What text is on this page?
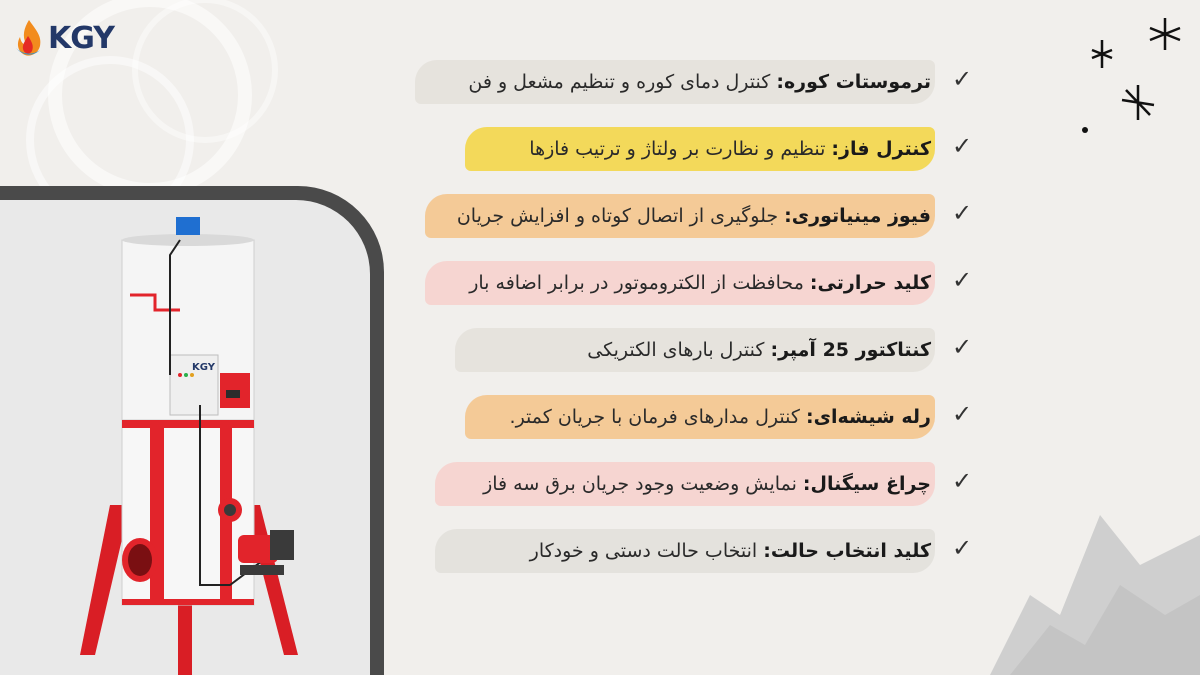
KGY
KGY
ترموستات کوره: کنترل دمای کوره و تنظیم مشعل و فن	✓
کنترل فاز: تنظیم و نظارت بر ولتاژ و ترتیب فازها	✓
فیوز مینیاتوری: جلوگیری از اتصال کوتاه و افزایش جریان	✓
کلید حرارتی: محافظت از الکتروموتور در برابر اضافه بار	✓
کنتاکتور 25 آمپر: کنترل بارهای الکتریکی	✓
رله شیشه‌ای: کنترل مدارهای فرمان با جریان کمتر.	✓
چراغ سیگنال: نمایش وضعیت وجود جریان برق سه فاز	✓
کلید انتخاب حالت: انتخاب حالت دستی و خودکار	✓
